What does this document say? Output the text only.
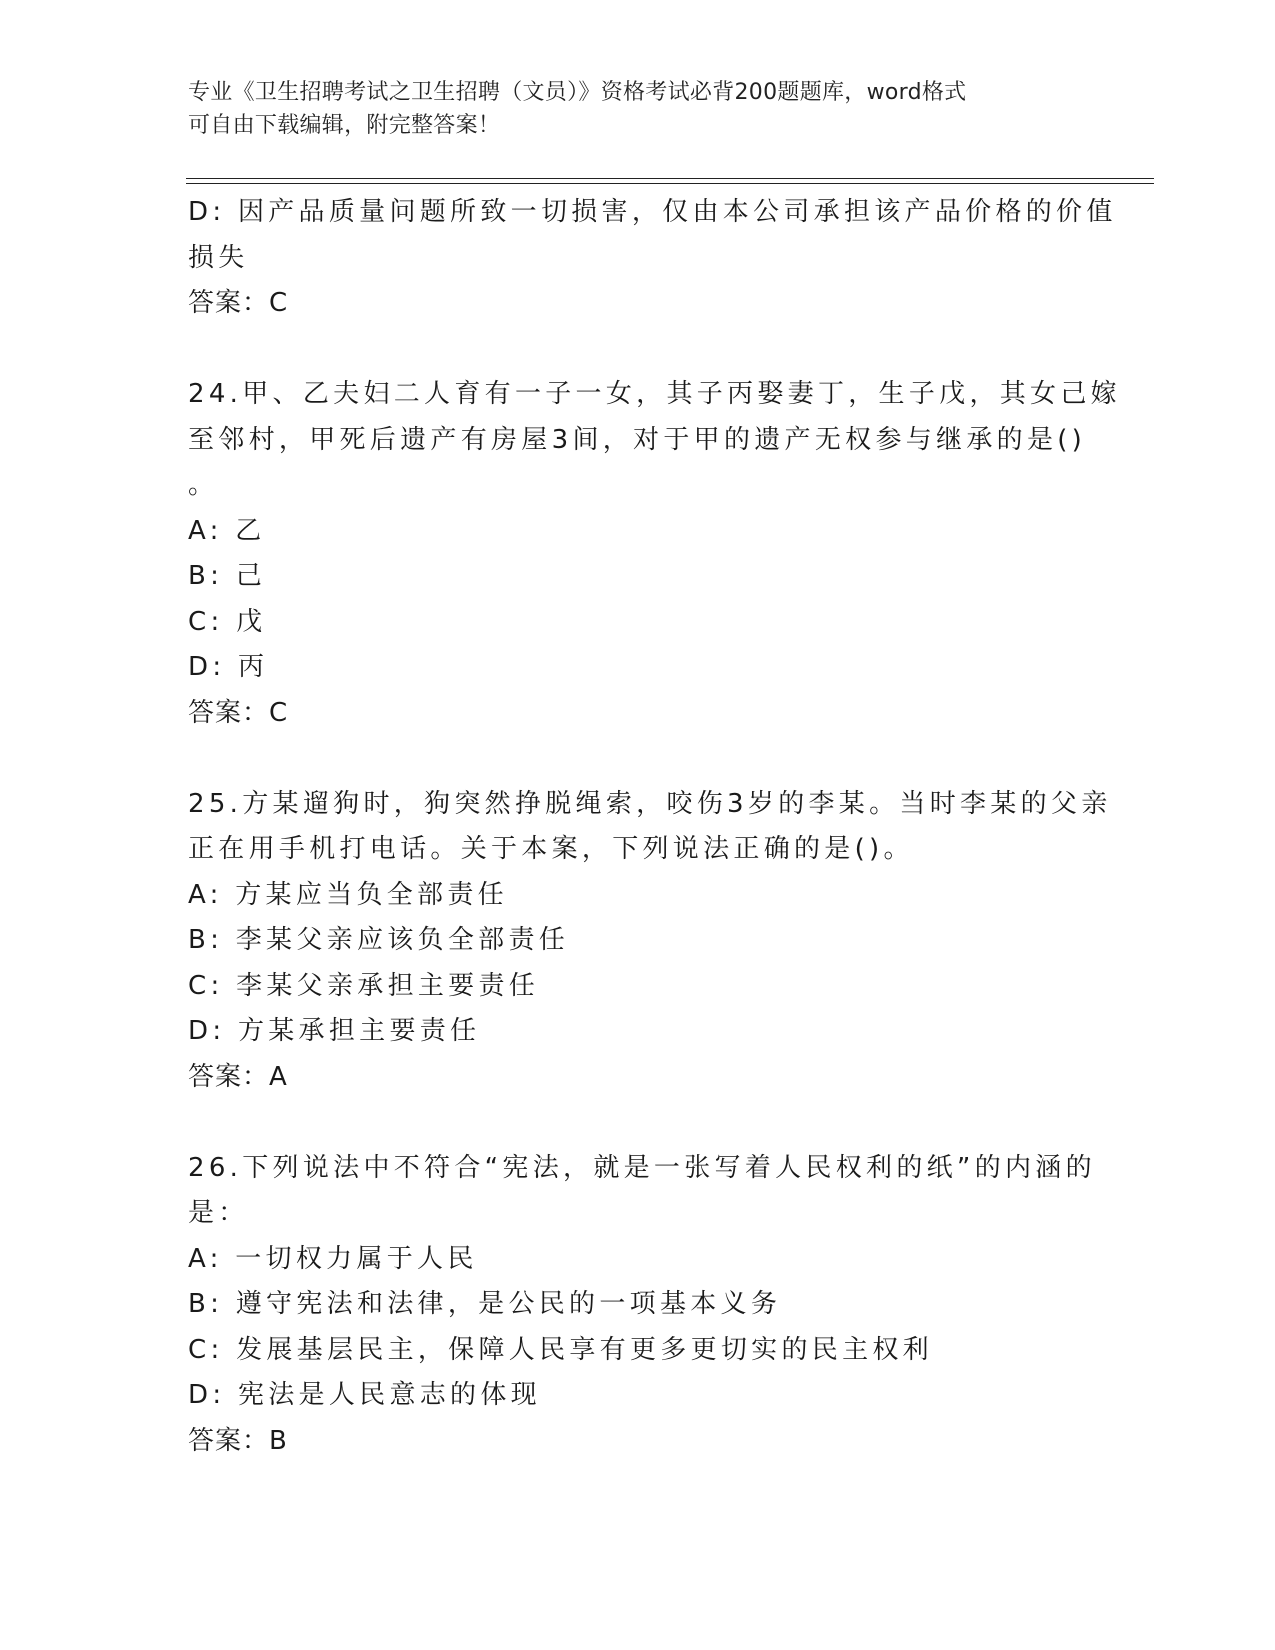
专业《卫生招聘考试之卫生招聘（文员）》资格考试必背200题题库，word格式
可自由下载编辑，附完整答案！
D: 因产品质量问题所致一切损害，仅由本公司承担该产品价格的价值
损失
答案：C
24.甲、乙夫妇二人育有一子一女，其子丙娶妻丁，生子戊，其女己嫁
至邻村，甲死后遗产有房屋3间，对于甲的遗产无权参与继承的是()
。
A: 乙
B: 己
C: 戊
D: 丙
答案：C
25.方某遛狗时，狗突然挣脱绳索，咬伤3岁的李某。当时李某的父亲
正在用手机打电话。关于本案，下列说法正确的是()。
A: 方某应当负全部责任
B: 李某父亲应该负全部责任
C: 李某父亲承担主要责任
D: 方某承担主要责任
答案：A
26.下列说法中不符合“宪法，就是一张写着人民权利的纸”的内涵的
是：
A: 一切权力属于人民
B: 遵守宪法和法律，是公民的一项基本义务
C: 发展基层民主，保障人民享有更多更切实的民主权利
D: 宪法是人民意志的体现
答案：B
